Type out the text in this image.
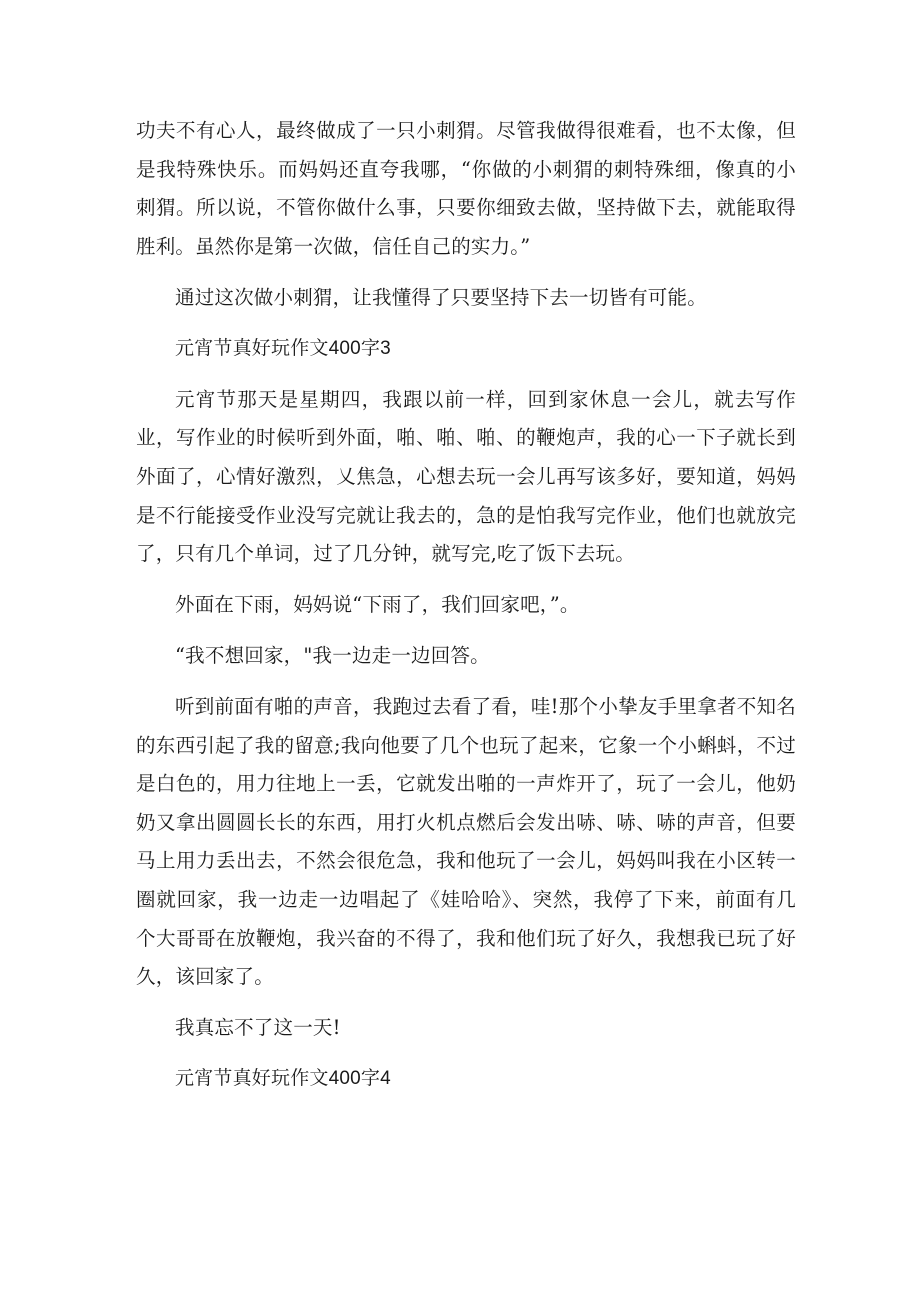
功夫不有心人，最终做成了一只小刺猬。尽管我做得很难看，也不太像，但是我特殊快乐。而妈妈还直夸我哪，“你做的小刺猬的刺特殊细，像真的小刺猬。所以说，不管你做什么事，只要你细致去做，坚持做下去，就能取得胜利。虽然你是第一次做，信任自己的实力。”

通过这次做小刺猬，让我懂得了只要坚持下去一切皆有可能。

元宵节真好玩作文400字3

元宵节那天是星期四，我跟以前一样，回到家休息一会儿，就去写作业，写作业的时候听到外面，啪、啪、啪、的鞭炮声，我的心一下子就长到外面了，心情好激烈，乂焦急，心想去玩一会儿再写该多好，要知道，妈妈是不行能接受作业没写完就让我去的，急的是怕我写完作业，他们也就放完了，只有几个单词，过了几分钟，就写完,吃了饭下去玩。

外面在下雨，妈妈说“下雨了，我们回家吧，”。

“我不想回家，"我一边走一边回答。

听到前面有啪的声音，我跑过去看了看，哇!那个小挚友手里拿者不知名的东西引起了我的留意;我向他要了几个也玩了起来，它象一个小蝌蚪，不过是白色的，用力往地上一丢，它就发出啪的一声炸开了，玩了一会儿，他奶奶又拿出圆圆长长的东西，用打火机点燃后会发出哧、哧、哧的声音，但要马上用力丢出去，不然会很危急，我和他玩了一会儿，妈妈叫我在小区转一圈就回家，我一边走一边唱起了《娃哈哈》、突然，我停了下来，前面有几个大哥哥在放鞭炮，我兴奋的不得了，我和他们玩了好久，我想我已玩了好久，该回家了。

我真忘不了这一天!

元宵节真好玩作文400字4
